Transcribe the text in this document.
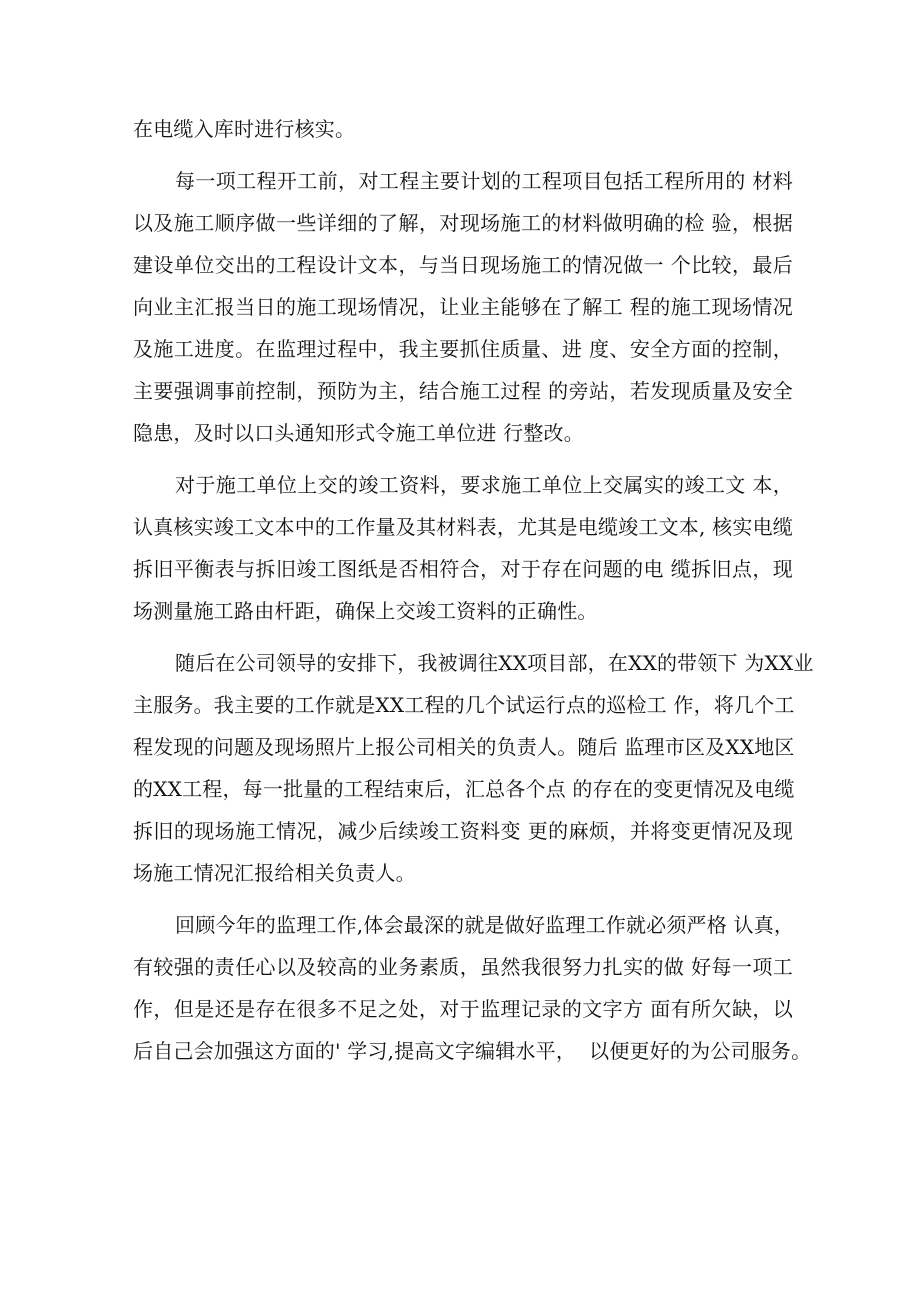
在电缆入库时进行核实。
每一项工程开工前，对工程主要计划的工程项目包括工程所用的 材料
以及施工顺序做一些详细的了解，对现场施工的材料做明确的检 验，根据
建设单位交出的工程设计文本，与当日现场施工的情况做一 个比较，最后
向业主汇报当日的施工现场情况，让业主能够在了解工 程的施工现场情况
及施工进度。在监理过程中，我主要抓住质量、进 度、安全方面的控制，
主要强调事前控制，预防为主，结合施工过程 的旁站，若发现质量及安全
隐患，及时以口头通知形式令施工单位进 行整改。
对于施工单位上交的竣工资料，要求施工单位上交属实的竣工文 本，
认真核实竣工文本中的工作量及其材料表，尤其是电缆竣工文本, 核实电缆
拆旧平衡表与拆旧竣工图纸是否相符合，对于存在问题的电 缆拆旧点，现
场测量施工路由杆距，确保上交竣工资料的正确性。
随后在公司领导的安排下，我被调往XX项目部，在XX的带领下 为XX业
主服务。我主要的工作就是XX工程的几个试运行点的巡检工 作，将几个工
程发现的问题及现场照片上报公司相关的负责人。随后 监理市区及XX地区
的XX工程，每一批量的工程结束后，汇总各个点 的存在的变更情况及电缆
拆旧的现场施工情况，减少后续竣工资料变 更的麻烦，并将变更情况及现
场施工情况汇报给相关负责人。
回顾今年的监理工作,体会最深的就是做好监理工作就必须严格 认真，
有较强的责任心以及较高的业务素质，虽然我很努力扎实的做 好每一项工
作，但是还是存在很多不足之处，对于监理记录的文字方 面有所欠缺，以
后自己会加强这方面的' 学习,提高文字编辑水平，  以便更好的为公司服务。
